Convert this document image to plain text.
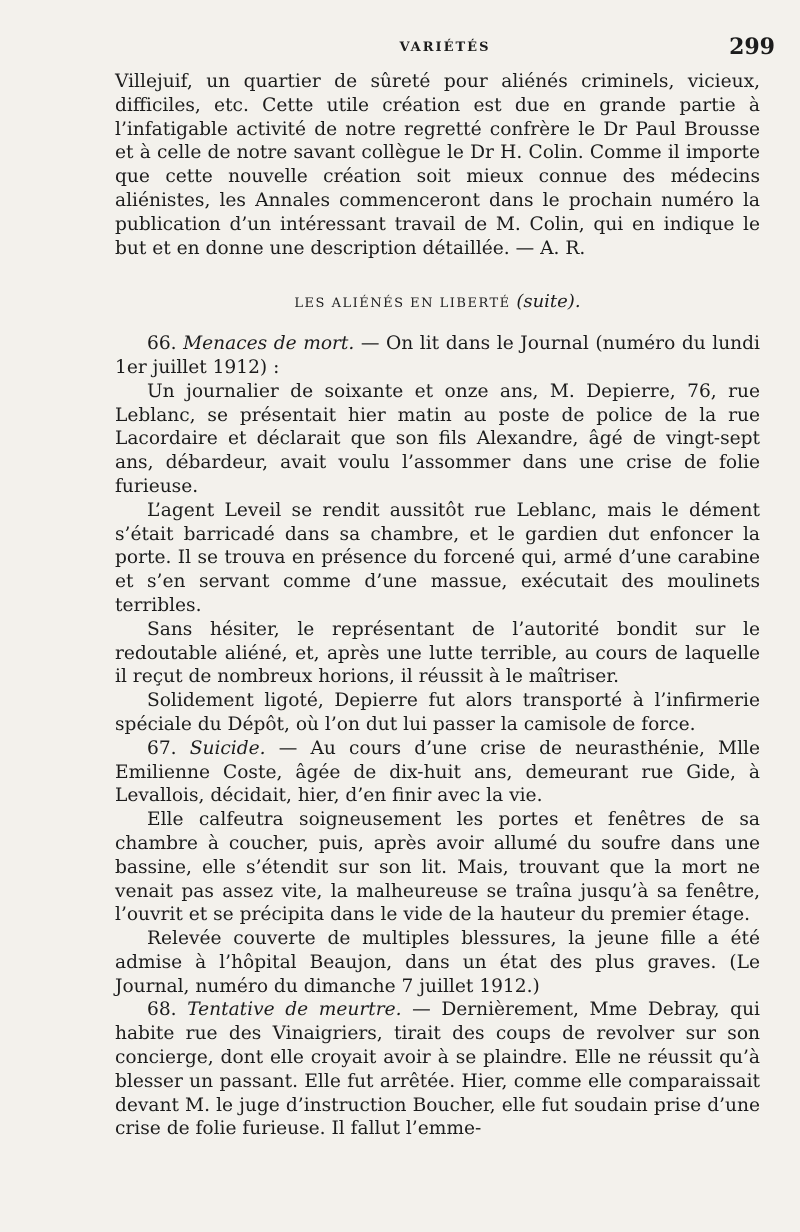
VARIÉTÉS	299

Villejuif, un quartier de sûreté pour aliénés criminels, vicieux, difficiles, etc. Cette utile création est due en grande partie à l’infatigable activité de notre regretté confrère le Dr Paul Brousse et à celle de notre savant collègue le Dr H. Colin. Comme il importe que cette nouvelle création soit mieux connue des médecins aliénistes, les Annales commenceront dans le prochain numéro la publication d’un intéressant travail de M. Colin, qui en indique le but et en donne une description détaillée. — A. R.

LES ALIÉNÉS EN LIBERTÉ (suite).

66. Menaces de mort. — On lit dans le Journal (numéro du lundi 1er juillet 1912) :

Un journalier de soixante et onze ans, M. Depierre, 76, rue Leblanc, se présentait hier matin au poste de police de la rue Lacordaire et déclarait que son fils Alexandre, âgé de vingt-sept ans, débardeur, avait voulu l’assommer dans une crise de folie furieuse.

L’agent Leveil se rendit aussitôt rue Leblanc, mais le dément s’était barricadé dans sa chambre, et le gardien dut enfoncer la porte. Il se trouva en présence du forcené qui, armé d’une carabine et s’en servant comme d’une massue, exécutait des moulinets terribles.

Sans hésiter, le représentant de l’autorité bondit sur le redoutable aliéné, et, après une lutte terrible, au cours de laquelle il reçut de nombreux horions, il réussit à le maîtriser.

Solidement ligoté, Depierre fut alors transporté à l’infirmerie spéciale du Dépôt, où l’on dut lui passer la camisole de force.

67. Suicide. — Au cours d’une crise de neurasthénie, Mlle Emilienne Coste, âgée de dix-huit ans, demeurant rue Gide, à Levallois, décidait, hier, d’en finir avec la vie.

Elle calfeutra soigneusement les portes et fenêtres de sa chambre à coucher, puis, après avoir allumé du soufre dans une bassine, elle s’étendit sur son lit. Mais, trouvant que la mort ne venait pas assez vite, la malheureuse se traîna jusqu’à sa fenêtre, l’ouvrit et se précipita dans le vide de la hauteur du premier étage.

Relevée couverte de multiples blessures, la jeune fille a été admise à l’hôpital Beaujon, dans un état des plus graves. (Le Journal, numéro du dimanche 7 juillet 1912.)

68. Tentative de meurtre. — Dernièrement, Mme Debray, qui habite rue des Vinaigriers, tirait des coups de revolver sur son concierge, dont elle croyait avoir à se plaindre. Elle ne réussit qu’à blesser un passant. Elle fut arrêtée. Hier, comme elle comparaissait devant M. le juge d’instruction Boucher, elle fut soudain prise d’une crise de folie furieuse. Il fallut l’emme-
